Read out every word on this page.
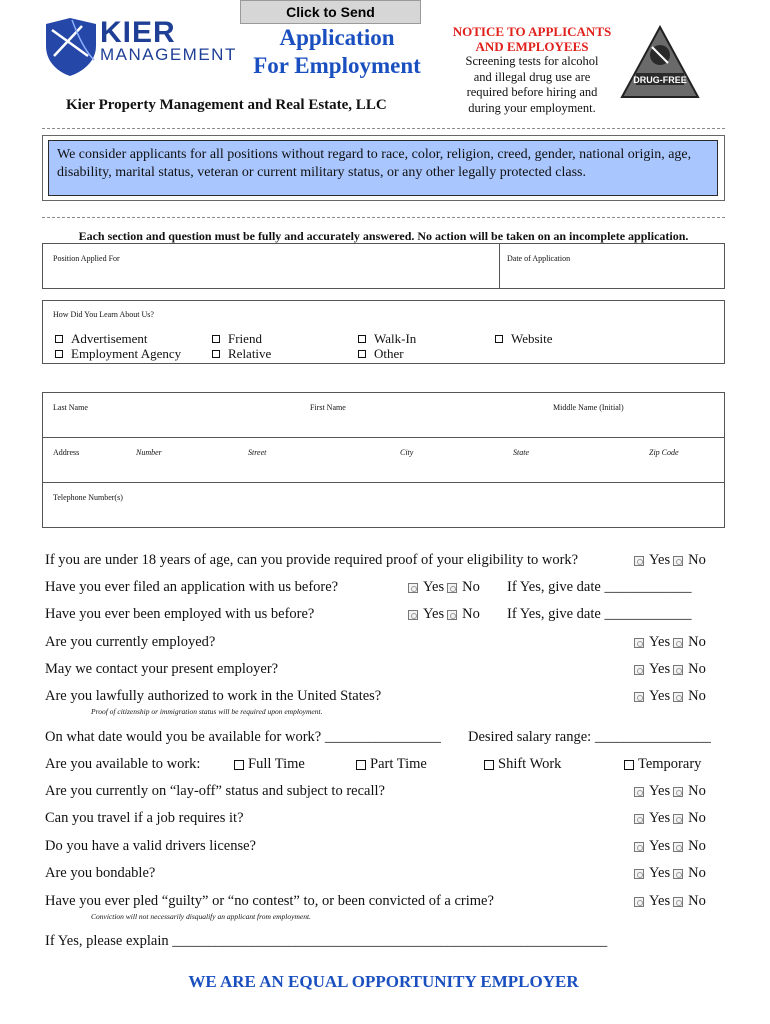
Click to Send
KIER
MANAGEMENT
Application
For Employment
Kier Property Management and Real Estate, LLC
NOTICE TO APPLICANTS
AND EMPLOYEES
Screening tests for alcohol
and illegal drug use are
required before hiring and
during your employment.
DRUG-FREE
We consider applicants for all positions without regard to race, color, religion, creed, gender, national origin, age, disability, marital status, veteran or current military status, or any other legally protected class.
Each section and question must be fully and accurately answered. No action will be taken on an incomplete application.
Position Applied For	Date of Application
How Did You Learn About Us?
Advertisement
Employment Agency
Friend
Relative
Walk-In
Other
Website
Last Name	First Name	Middle Name (Initial)
Address	Number	Street	City	State	Zip Code
Telephone Number(s)
If you are under 18 years of age, can you provide required proof of your eligibility to work?	Yes No
Have you ever filed an application with us before?	Yes No If Yes, give date ____________
Have you ever been employed with us before?	Yes No If Yes, give date ____________
Are you currently employed?	Yes No
May we contact your present employer?	Yes No
Are you lawfully authorized to work in the United States?	Yes No
Proof of citizenship or immigration status will be required upon employment.
On what date would you be available for work? ________________ Desired salary range: ________________
Are you available to work:	Full Time	Part Time	Shift Work	Temporary
Are you currently on “lay-off” status and subject to recall?	Yes No
Can you travel if a job requires it?	Yes No
Do you have a valid drivers license?	Yes No
Are you bondable?	Yes No
Have you ever pled “guilty” or “no contest” to, or been convicted of a crime?	Yes No
Conviction will not necessarily disqualify an applicant from employment.
If Yes, please explain ____________________________________________________________
WE ARE AN EQUAL OPPORTUNITY EMPLOYER
